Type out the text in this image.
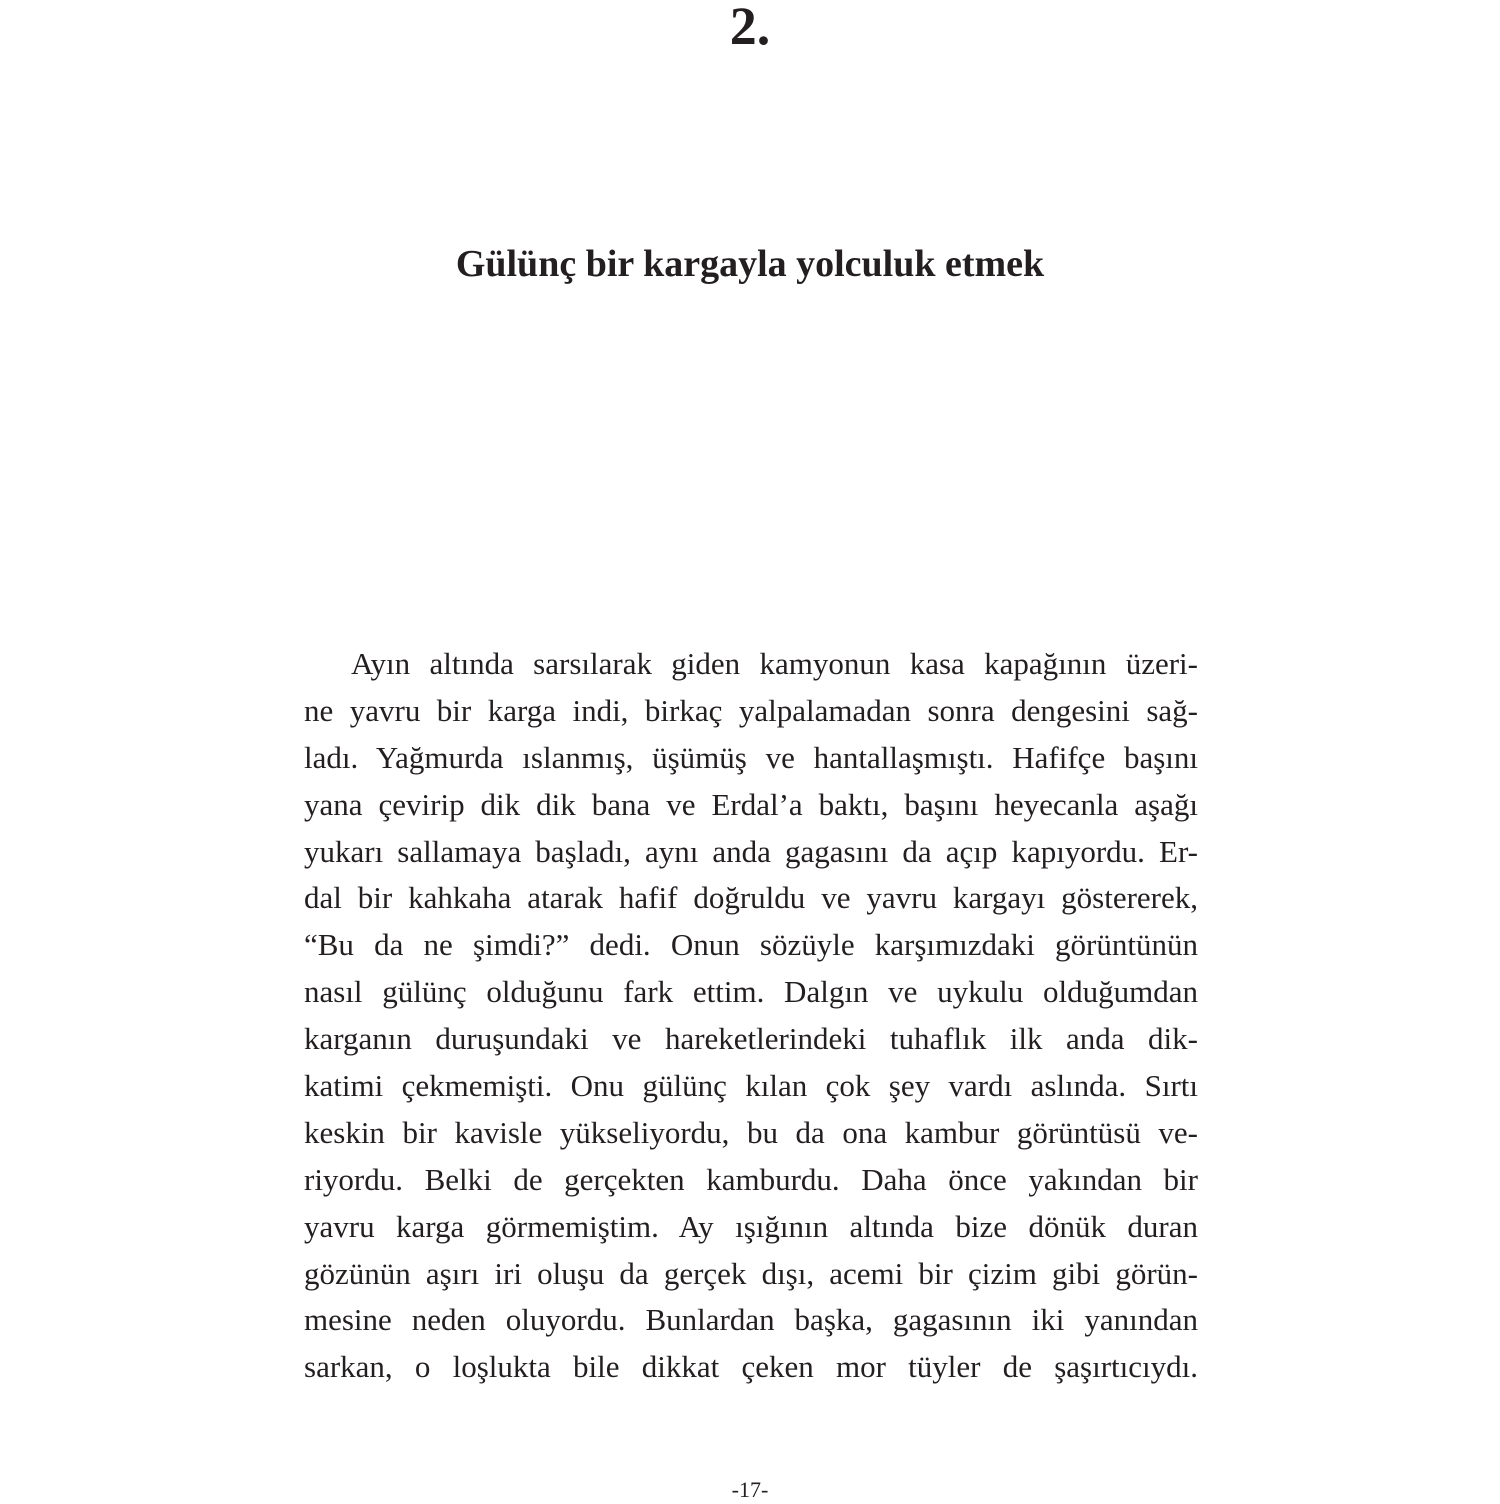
2.
Gülünç bir kargayla yolculuk etmek
Ayın altında sarsılarak giden kamyonun kasa kapağının üzeri-
ne yavru bir karga indi, birkaç yalpalamadan sonra dengesini sağ-
ladı. Yağmurda ıslanmış, üşümüş ve hantallaşmıştı. Hafifçe başını
yana çevirip dik dik bana ve Erdal’a baktı, başını heyecanla aşağı
yukarı sallamaya başladı, aynı anda gagasını da açıp kapıyordu. Er-
dal bir kahkaha atarak hafif doğruldu ve yavru kargayı göstererek,
“Bu da ne şimdi?” dedi. Onun sözüyle karşımızdaki görüntünün
nasıl gülünç olduğunu fark ettim. Dalgın ve uykulu olduğumdan
karganın duruşundaki ve hareketlerindeki tuhaflık ilk anda dik-
katimi çekmemişti. Onu gülünç kılan çok şey vardı aslında. Sırtı
keskin bir kavisle yükseliyordu, bu da ona kambur görüntüsü ve-
riyordu. Belki de gerçekten kamburdu. Daha önce yakından bir
yavru karga görmemiştim. Ay ışığının altında bize dönük duran
gözünün aşırı iri oluşu da gerçek dışı, acemi bir çizim gibi görün-
mesine neden oluyordu. Bunlardan başka, gagasının iki yanından
sarkan, o loşlukta bile dikkat çeken mor tüyler de şaşırtıcıydı.
-17-
